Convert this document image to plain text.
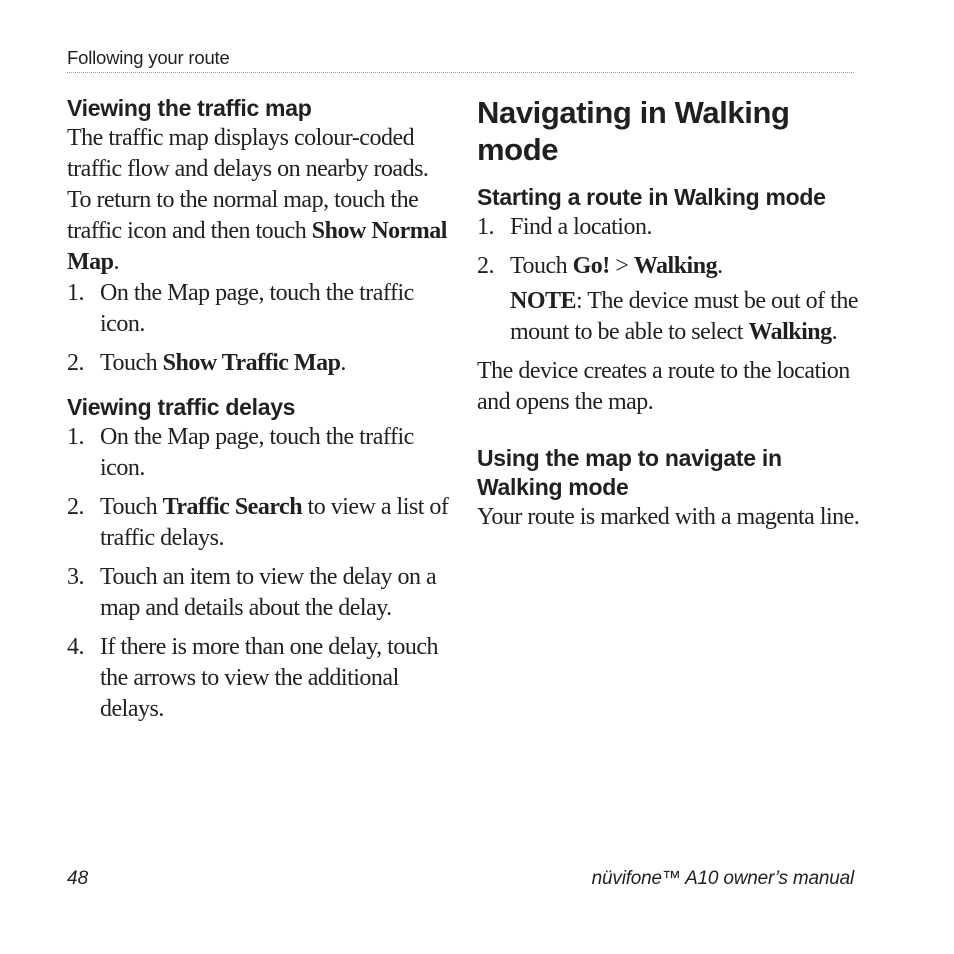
Following your route
Viewing the traffic map

The traffic map displays colour-coded traffic flow and delays on nearby roads.

To return to the normal map, touch the traffic icon and then touch Show Normal Map.

1. On the Map page, touch the traffic icon.
2. Touch Show Traffic Map.
Viewing traffic delays
1. On the Map page, touch the traffic icon.
2. Touch Traffic Search to view a list of traffic delays.
3. Touch an item to view the delay on a map and details about the delay.
4. If there is more than one delay, touch the arrows to view the additional delays.
Navigating in Walking mode
Starting a route in Walking mode
1. Find a location.
2. Touch Go! > Walking.
NOTE: The device must be out of the mount to be able to select Walking.

The device creates a route to the location and opens the map.

Using the map to navigate in Walking mode

Your route is marked with a magenta line.

48	nüvifone™ A10 owner’s manual
